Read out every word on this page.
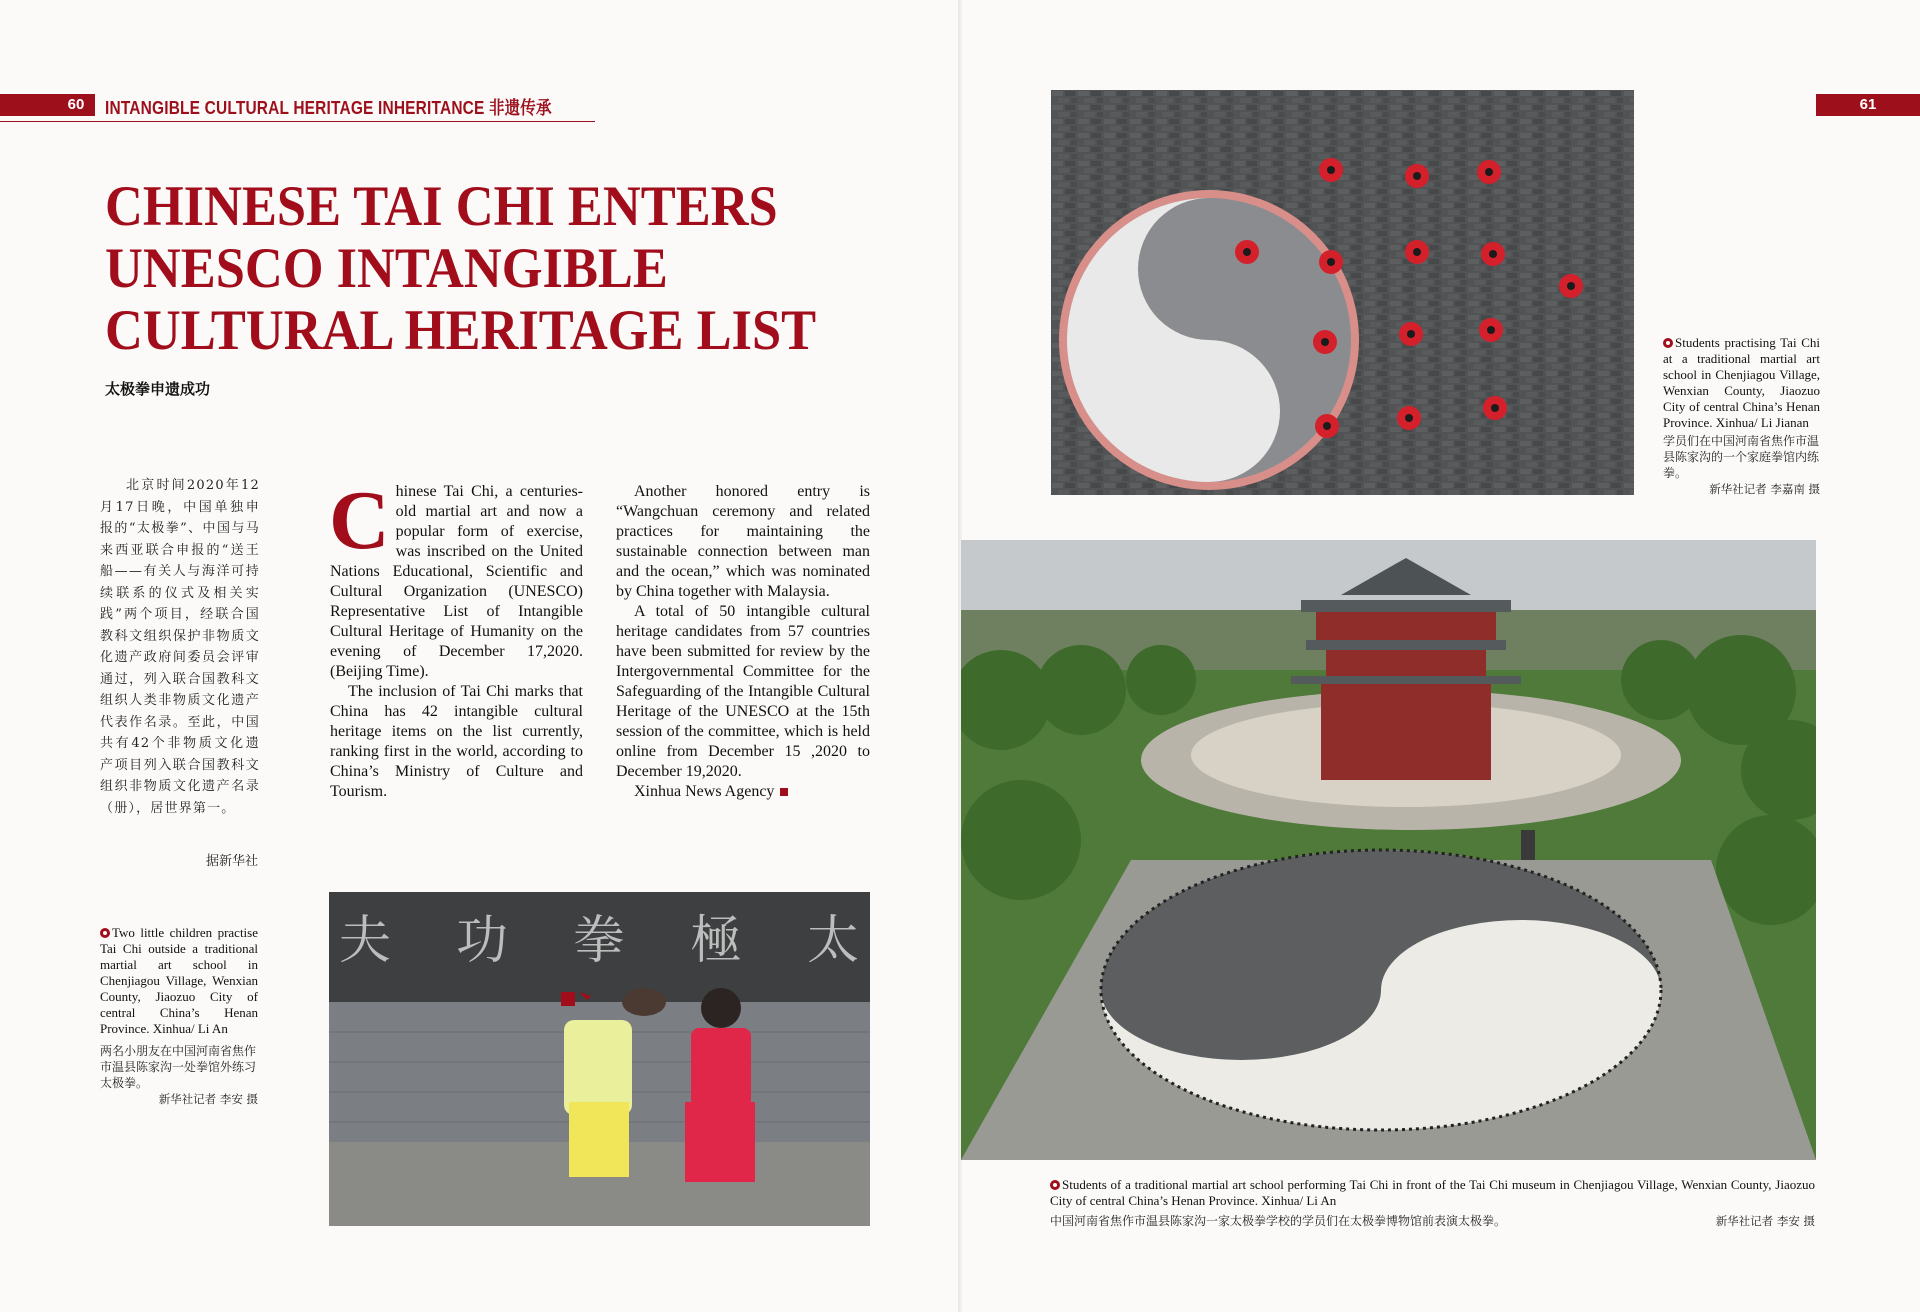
60	INTANGIBLE CULTURAL HERITAGE INHERITANCE 非遗传承	61
CHINESE TAI CHI ENTERS
UNESCO INTANGIBLE
CULTURAL HERITAGE LIST
太极拳申遗成功
北京时间2020年12月17日晚，中国单独申报的“太极拳”、中国与马来西亚联合申报的“送王船——有关人与海洋可持续联系的仪式及相关实践”两个项目，经联合国教科文组织保护非物质文化遗产政府间委员会评审通过，列入联合国教科文组织人类非物质文化遗产代表作名录。至此，中国共有42个非物质文化遗产项目列入联合国教科文组织非物质文化遗产名录（册），居世界第一。
据新华社

Chinese Tai Chi, a centuries-old martial art and now a popular form of exercise, was inscribed on the United Nations Educational, Scientific and Cultural Organization (UNESCO) Representative List of Intangible Cultural Heritage of Humanity on the evening of December 17,2020. (Beijing Time).

The inclusion of Tai Chi marks that China has 42 intangible cultural heritage items on the list currently, ranking first in the world, according to China’s Ministry of Culture and Tourism.

Another honored entry is “Wangchuan ceremony and related practices for maintaining the sustainable connection between man and the ocean,” which was nominated by China together with Malaysia.

A total of 50 intangible cultural heritage candidates from 57 countries have been submitted for review by the Intergovernmental Committee for the Safeguarding of the Intangible Cultural Heritage of the UNESCO at the 15th session of the committee, which is held online from December 15 ,2020 to December 19,2020.

Xinhua News Agency

Two little children practise Tai Chi outside a traditional martial art school in Chenjiagou Village, Wenxian County, Jiaozuo City of central China’s Henan Province. Xinhua/ Li An
两名小朋友在中国河南省焦作市温县陈家沟一处拳馆外练习太极拳。
新华社记者 李安 摄
Students practising Tai Chi at a traditional martial art school in Chenjiagou Village, Wenxian County, Jiaozuo City of central China’s Henan Province. Xinhua/ Li Jianan
学员们在中国河南省焦作市温县陈家沟的一个家庭拳馆内练拳。
新华社记者 李嘉南 摄
Students of a traditional martial art school performing Tai Chi in front of the Tai Chi museum in Chenjiagou Village, Wenxian County, Jiaozuo City of central China’s Henan Province. Xinhua/ Li An
中国河南省焦作市温县陈家沟一家太极拳学校的学员们在太极拳博物馆前表演太极拳。	新华社记者 李安 摄
夫 功 拳 極 太
